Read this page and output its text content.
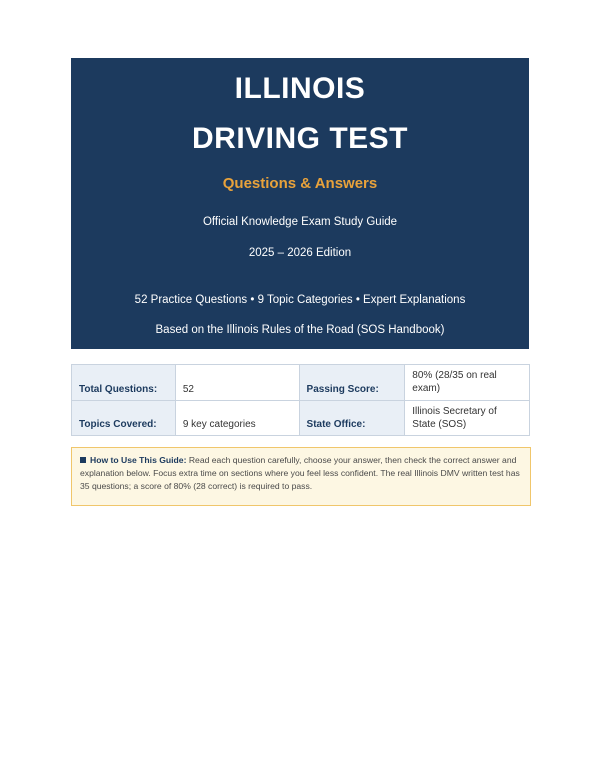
ILLINOIS
DRIVING TEST
Questions & Answers
Official Knowledge Exam Study Guide
2025 – 2026 Edition
52 Practice Questions • 9 Topic Categories • Expert Explanations
Based on the Illinois Rules of the Road (SOS Handbook)
Total Questions:	52	Passing Score:	80% (28/35 on real exam)
Topics Covered:	9 key categories	State Office:	Illinois Secretary of State (SOS)
How to Use This Guide: Read each question carefully, choose your answer, then check the correct answer and explanation below. Focus extra time on sections where you feel less confident. The real Illinois DMV written test has 35 questions; a score of 80% (28 correct) is required to pass.
